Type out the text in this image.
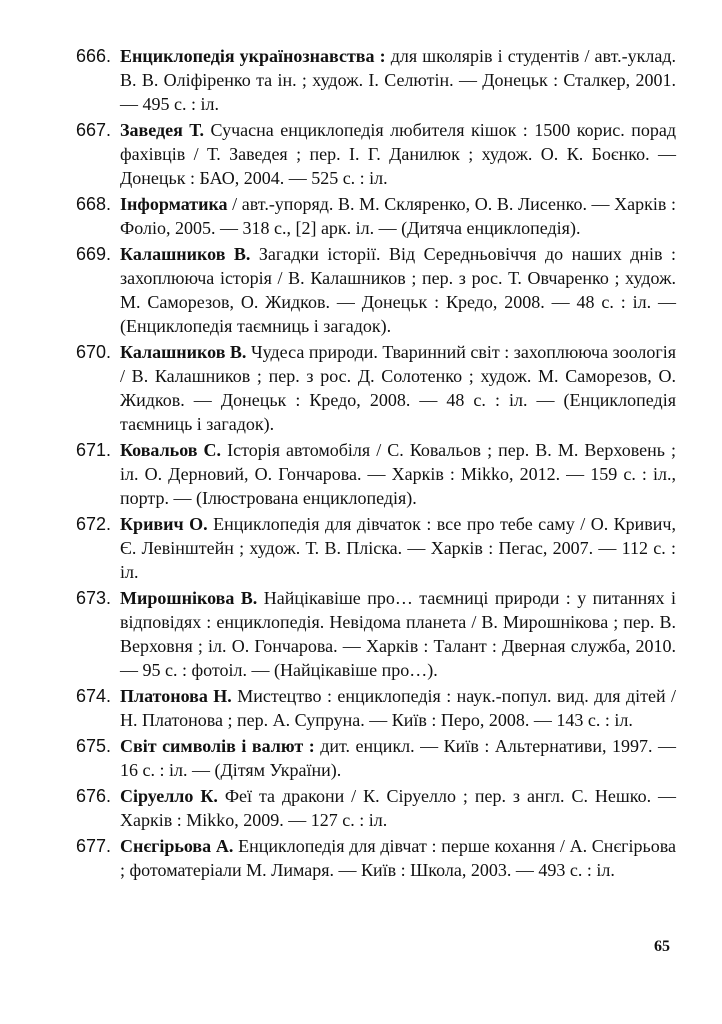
666. Енциклопедія українознавства : для школярів і студентів / авт.-уклад. В. В. Оліфіренко та ін. ; худож. І. Селютін. — Донецьк : Сталкер, 2001. — 495 с. : іл.
667. Заведея Т. Сучасна енциклопедія любителя кішок : 1500 корис. порад фахівців / Т. Заведея ; пер. І. Г. Данилюк ; худож. О. К. Боєнко. — Донецьк : БАО, 2004. — 525 с. : іл.
668. Інформатика / авт.-упоряд. В. М. Скляренко, О. В. Лисенко. — Харків : Фоліо, 2005. — 318 с., [2] арк. іл. — (Дитяча енциклопедія).
669. Калашников В. Загадки історії. Від Середньовіччя до наших днів : захоплююча історія / В. Калашников ; пер. з рос. Т. Овчаренко ; худож. М. Саморезов, О. Жидков. — Донецьк : Кредо, 2008. — 48 с. : іл. — (Енциклопедія таємниць і загадок).
670. Калашников В. Чудеса природи. Тваринний світ : захоплююча зоологія / В. Калашников ; пер. з рос. Д. Солотенко ; худож. М. Саморезов, О. Жидков. — Донецьк : Кредо, 2008. — 48 с. : іл. — (Енциклопедія таємниць і загадок).
671. Ковальов С. Історія автомобіля / С. Ковальов ; пер. В. М. Верховень ; іл. О. Дерновий, О. Гончарова. — Харків : Mikko, 2012. — 159 с. : іл., портр. — (Ілюстрована енциклопедія).
672. Кривич О. Енциклопедія для дівчаток : все про тебе саму / О. Кривич, Є. Левінштейн ; худож. Т. В. Пліска. — Харків : Пегас, 2007. — 112 с. : іл.
673. Мирошнікова В. Найцікавіше про… таємниці природи : у питаннях і відповідях : енциклопедія. Невідома планета / В. Мирошнікова ; пер. В. Верховня ; іл. О. Гончарова. — Харків : Талант : Дверная служба, 2010. — 95 с. : фотоіл. — (Найцікавіше про…).
674. Платонова Н. Мистецтво : енциклопедія : наук.-попул. вид. для дітей / Н. Платонова ; пер. А. Супруна. — Київ : Перо, 2008. — 143 с. : іл.
675. Світ символів і валют : дит. енцикл. — Київ : Альтернативи, 1997. — 16 с. : іл. — (Дітям України).
676. Сіруелло К. Феї та дракони / К. Сіруелло ; пер. з англ. С. Нешко. — Харків : Mikko, 2009. — 127 с. : іл.
677. Снєгірьова А. Енциклопедія для дівчат : перше кохання / А. Снєгірьова ; фотоматеріали М. Лимаря. — Київ : Школа, 2003. — 493 с. : іл.
65
